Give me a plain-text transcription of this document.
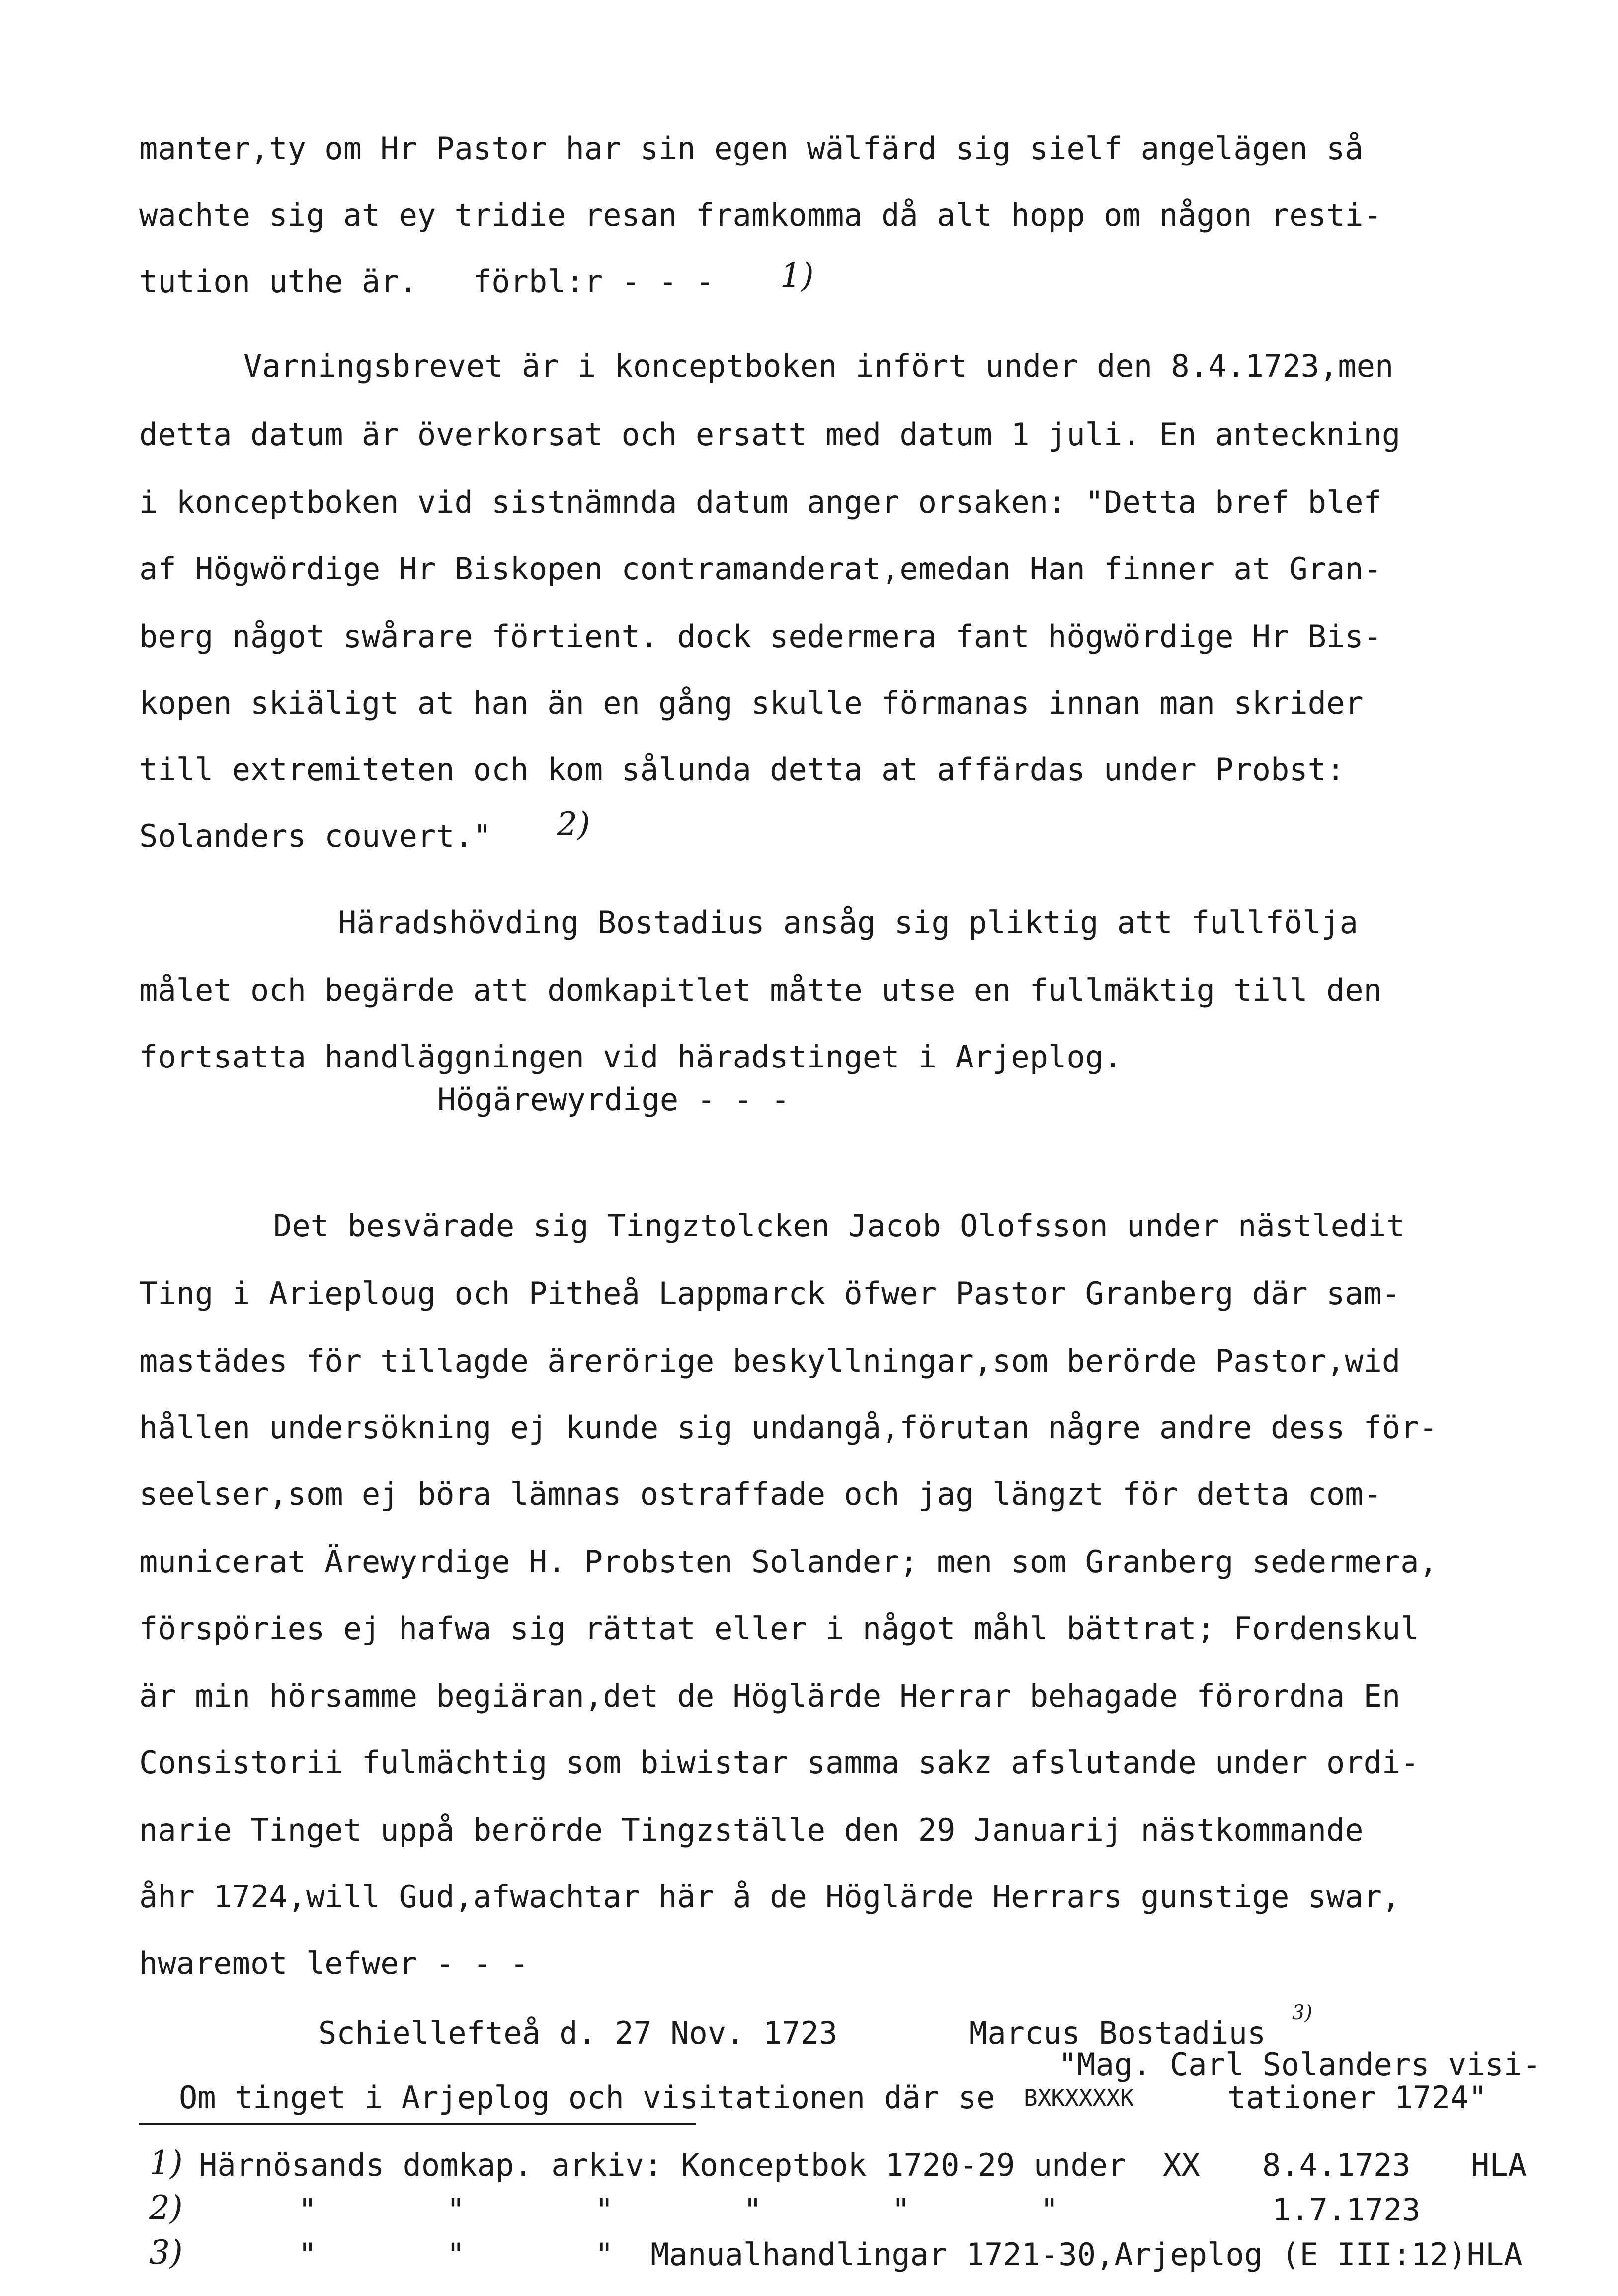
manter,ty om Hr Pastor har sin egen wälfärd sig sielf angelägen så
wachte sig at ey tridie resan framkomma då alt hopp om någon resti-
tution uthe är.   förbl:r - - - 1)
Varningsbrevet är i konceptboken infört under den 8.4.1723,men
detta datum är överkorsat och ersatt med datum 1 juli. En anteckning
i konceptboken vid sistnämnda datum anger orsaken: "Detta bref blef
af Högwördige Hr Biskopen contramanderat,emedan Han finner at Gran-
berg något swårare förtient. dock sedermera fant högwördige Hr Bis-
kopen skiäligt at han än en gång skulle förmanas innan man skrider
till extremiteten och kom sålunda detta at affärdas under Probst:
Solanders couvert." 2)
Häradshövding Bostadius ansåg sig pliktig att fullfölja
målet och begärde att domkapitlet måtte utse en fullmäktig till den
fortsatta handläggningen vid häradstinget i Arjeplog.
Högärewyrdige - - -
Det besvärade sig Tingztolcken Jacob Olofsson under nästledit
Ting i Arieploug och Pitheå Lappmarck öfwer Pastor Granberg där sam-
mastädes för tillagde ärerörige beskyllningar,som berörde Pastor,wid
hållen undersökning ej kunde sig undangå,förutan någre andre dess för-
seelser,som ej böra lämnas ostraffade och jag längzt för detta com-
municerat Ärewyrdige H. Probsten Solander; men som Granberg sedermera,
förspöries ej hafwa sig rättat eller i något måhl bättrat; Fordenskul
är min hörsamme begiäran,det de Höglärde Herrar behagade förordna En
Consistorii fulmächtig som biwistar samma sakz afslutande under ordi-
narie Tinget uppå berörde Tingzställe den 29 Januarij nästkommande
åhr 1724,will Gud,afwachtar här å de Höglärde Herrars gunstige swar,
hwaremot lefwer - - -
Schiellefteå d. 27 Nov. 1723	Marcus Bostadius
3)
"Mag. Carl Solanders visi-
Om tinget i Arjeplog och visitationen där se BXKXXXXK	tationer 1724"
1) Härnösands domkap. arkiv: Konceptbok 1720-29 under XX 8.4.1723 HLA
2)	"       "       "       "       "       "	1.7.1723
3)	"       "       "  Manualhandlingar 1721-30,Arjeplog (E III:12)HLA
